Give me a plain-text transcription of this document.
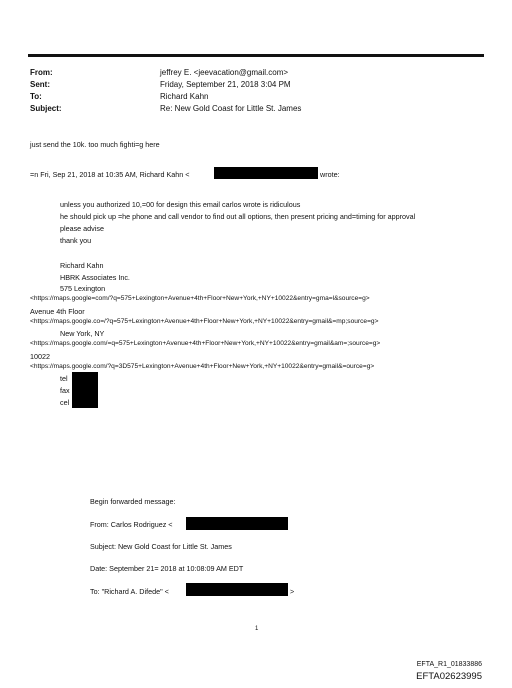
From:	jeffrey E. <jeevacation@gmail.com>
Sent:	Friday, September 21, 2018 3:04 PM
To:	Richard Kahn
Subject:	Re: New Gold Coast for Little St. James
just send the 10k. too much fighti=g here
=n Fri, Sep 21, 2018 at 10:35 AM, Richard Kahn <	wrote:
unless you authorized 10,=00 for design this email carlos wrote is ridiculous
he should pick up =he phone and call vendor to find out all options, then present pricing and=timing for approval
please advise
thank you
Richard Kahn
HBRK Associates Inc.
575 Lexington
<https://maps.google=com/?q=575+Lexington+Avenue+4th+Floor+New+York,+NY+10022&entry=gma=l&source=g>
Avenue 4th Floor
<https://maps.google.co=/?q=575+Lexington+Avenue+4th+Floor+New+York,+NY+10022&entry=gmail&=mp;source=g>
New York, NY
<https://maps.google.com/=q=575+Lexington+Avenue+4th+Floor+New+York,+NY+10022&entry=gmail&am=;source=g>
10022
<https://maps.google.com/?q=3D575+Lexington+Avenue+4th+Floor+New+York,+NY+10022&entry=gmail&=ource=g>
tel
fax
cel
Begin forwarded message:
From: Carlos Rodriguez <
Subject: New Gold Coast for Little St. James
Date: September 21= 2018 at 10:08:09 AM EDT
To: "Richard A. Difede" <	>
1
EFTA_R1_01833886
EFTA02623995
